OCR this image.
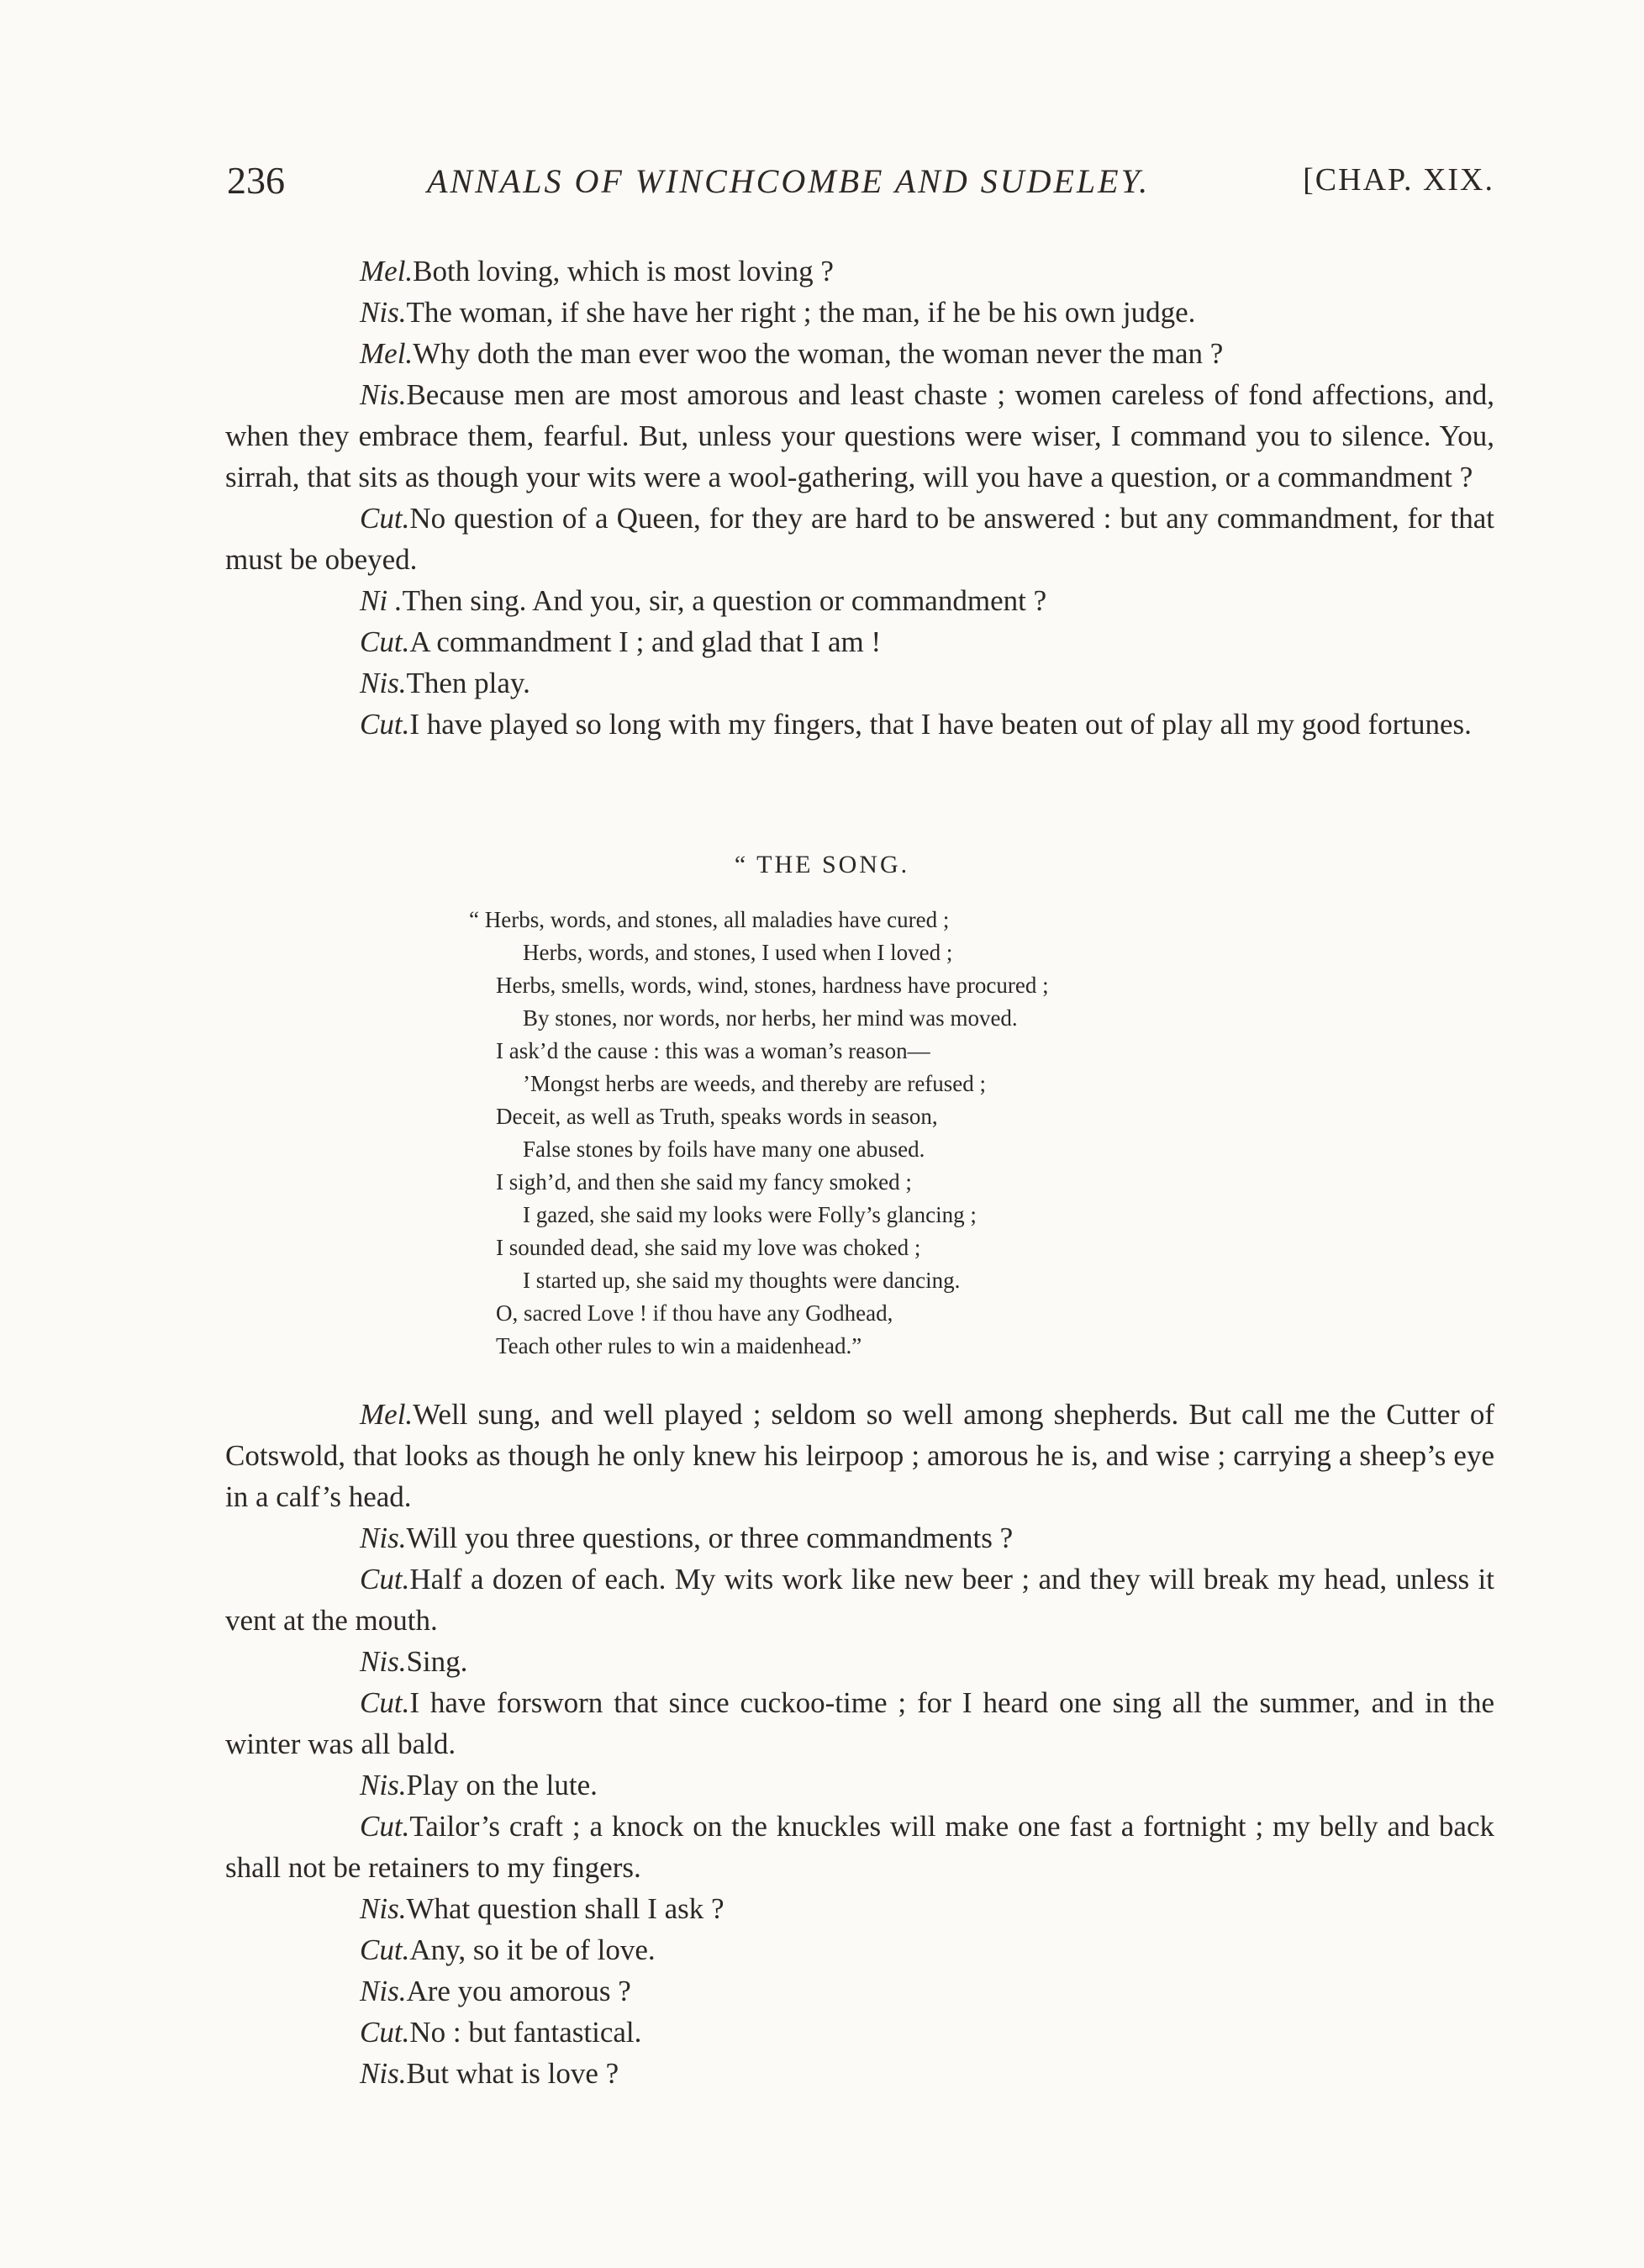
236	ANNALS OF WINCHCOMBE AND SUDELEY.	[CHAP. XIX.

Mel.Both loving, which is most loving ?

Nis.The woman, if she have her right ; the man, if he be his own judge.

Mel.Why doth the man ever woo the woman, the woman never the man ?

Nis.Because men are most amorous and least chaste ; women careless of fond affections, and, when they embrace them, fearful. But, unless your questions were wiser, I command you to silence. You, sirrah, that sits as though your wits were a wool-gathering, will you have a question, or a commandment ?

Cut.No question of a Queen, for they are hard to be answered : but any commandment, for that must be obeyed.

Ni .Then sing. And you, sir, a question or commandment ?

Cut.A commandment I ; and glad that I am !

Nis.Then play.

Cut.I have played so long with my fingers, that I have beaten out of play all my good fortunes.

“ THE SONG.
“ Herbs, words, and stones, all maladies have cured ;
Herbs, words, and stones, I used when I loved ;
Herbs, smells, words, wind, stones, hardness have procured ;
By stones, nor words, nor herbs, her mind was moved.
I ask’d the cause : this was a woman’s reason—
’Mongst herbs are weeds, and thereby are refused ;
Deceit, as well as Truth, speaks words in season,
False stones by foils have many one abused.
I sigh’d, and then she said my fancy smoked ;
I gazed, she said my looks were Folly’s glancing ;
I sounded dead, she said my love was choked ;
I started up, she said my thoughts were dancing.
O, sacred Love ! if thou have any Godhead,
Teach other rules to win a maidenhead.”

Mel.Well sung, and well played ; seldom so well among shepherds. But call me the Cutter of Cotswold, that looks as though he only knew his leirpoop ; amorous he is, and wise ; carrying a sheep’s eye in a calf’s head.

Nis.Will you three questions, or three commandments ?

Cut.Half a dozen of each. My wits work like new beer ; and they will break my head, unless it vent at the mouth.

Nis.Sing.

Cut.I have forsworn that since cuckoo-time ; for I heard one sing all the summer, and in the winter was all bald.

Nis.Play on the lute.

Cut.Tailor’s craft ; a knock on the knuckles will make one fast a fortnight ; my belly and back shall not be retainers to my fingers.

Nis.What question shall I ask ?

Cut.Any, so it be of love.

Nis.Are you amorous ?

Cut.No : but fantastical.

Nis.But what is love ?
